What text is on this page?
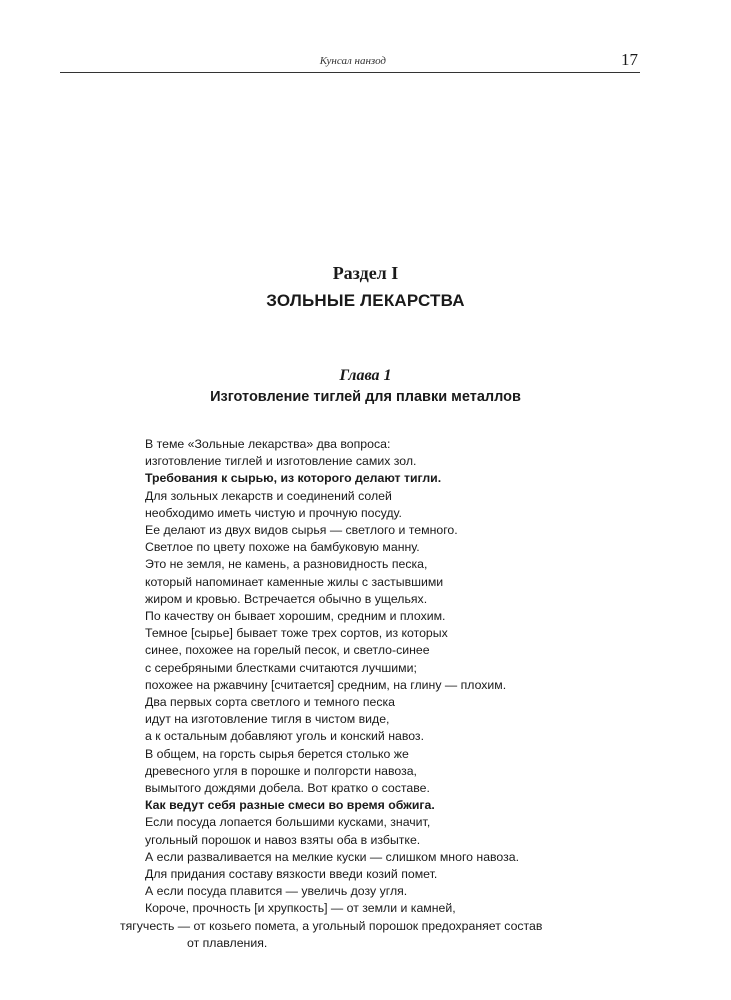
Кунсал нанзод	17
Раздел I
ЗОЛЬНЫЕ ЛЕКАРСТВА
Глава 1
Изготовление тиглей для плавки металлов
В теме «Зольные лекарства» два вопроса:
изготовление тиглей и изготовление самих зол.
Требования к сырью, из которого делают тигли.
Для зольных лекарств и соединений солей
необходимо иметь чистую и прочную посуду.
Ее делают из двух видов сырья — светлого и темного.
Светлое по цвету похоже на бамбуковую манну.
Это не земля, не камень, а разновидность песка,
который напоминает каменные жилы с застывшими
жиром и кровью. Встречается обычно в ущельях.
По качеству он бывает хорошим, средним и плохим.
Темное [сырье] бывает тоже трех сортов, из которых
синее, похожее на горелый песок, и светло-синее
с серебряными блестками считаются лучшими;
похожее на ржавчину [считается] средним, на глину — плохим.
Два первых сорта светлого и темного песка
идут на изготовление тигля в чистом виде,
а к остальным добавляют уголь и конский навоз.
В общем, на горсть сырья берется столько же
древесного угля в порошке и полгорсти навоза,
вымытого дождями добела. Вот кратко о составе.
Как ведут себя разные смеси во время обжига.
Если посуда лопается большими кусками, значит,
угольный порошок и навоз взяты оба в избытке.
А если разваливается на мелкие куски — слишком много навоза.
Для придания составу вязкости введи козий помет.
А если посуда плавится — увеличь дозу угля.
Короче, прочность [и хрупкость] — от земли и камней,
тягучесть — от козьего помета, а угольный порошок предохраняет состав
от плавления.
